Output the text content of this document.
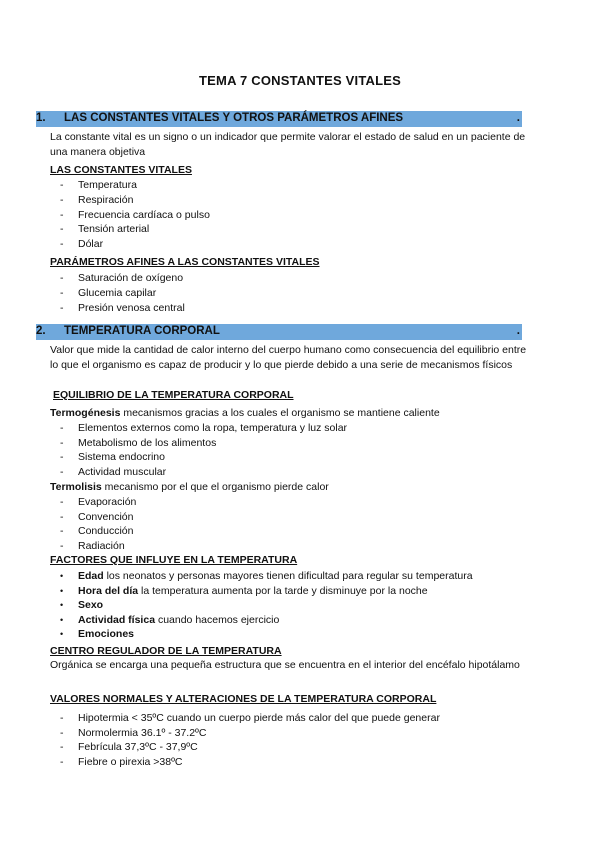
TEMA 7 CONSTANTES VITALES
1. LAS CONSTANTES VITALES Y OTROS PARÁMETROS AFINES	.
La constante vital es un signo o un indicador que permite valorar el estado de salud en un paciente de una manera objetiva
LAS CONSTANTES VITALES
- Temperatura
- Respiración
- Frecuencia cardíaca o pulso
- Tensión arterial
- Dólar
PARÁMETROS AFINES A LAS CONSTANTES VITALES
- Saturación de oxígeno
- Glucemia capilar
- Presión venosa central
2. TEMPERATURA CORPORAL	.
Valor que mide la cantidad de calor interno del cuerpo humano como consecuencia del equilibrio entre lo que el organismo es capaz de producir y lo que pierde debido a una serie de mecanismos físicos
EQUILIBRIO DE LA TEMPERATURA CORPORAL
Termogénesis mecanismos gracias a los cuales el organismo se mantiene caliente
- Elementos externos como la ropa, temperatura y luz solar
- Metabolismo de los alimentos
- Sistema endocrino
- Actividad muscular
Termolisis mecanismo por el que el organismo pierde calor
- Evaporación
- Convención
- Conducción
- Radiación
FACTORES QUE INFLUYE EN LA TEMPERATURA
• Edad los neonatos y personas mayores tienen dificultad para regular su temperatura
• Hora del día la temperatura aumenta por la tarde y disminuye por la noche
• Sexo
• Actividad física cuando hacemos ejercicio
• Emociones
CENTRO REGULADOR DE LA TEMPERATURA
Orgánica se encarga una pequeña estructura que se encuentra en el interior del encéfalo hipotálamo
VALORES NORMALES Y ALTERACIONES DE LA TEMPERATURA CORPORAL
- Hipotermia < 35ºC cuando un cuerpo pierde más calor del que puede generar
- Normolermia 36.1º - 37.2ºC
- Febrícula 37,3ºC - 37,9ºC
- Fiebre o pirexia >38ºC
